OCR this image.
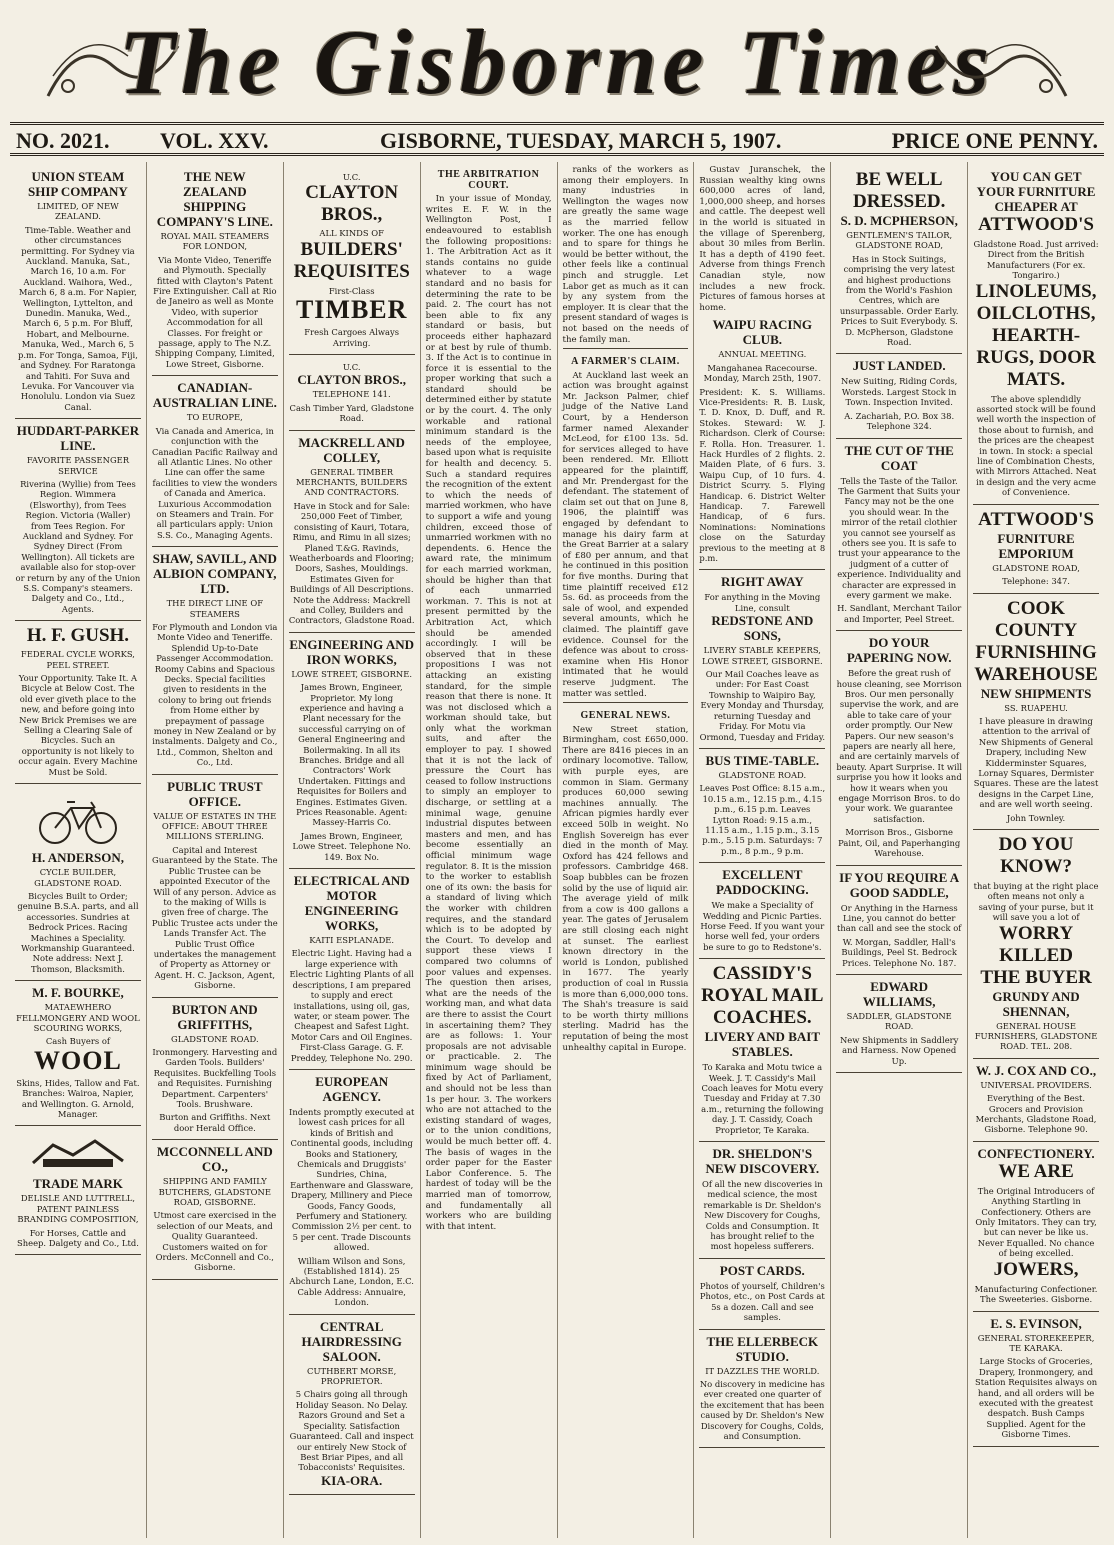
The Gisborne Times
NO. 2021. VOL. XXV.	GISBORNE, TUESDAY, MARCH 5, 1907.	PRICE ONE PENNY.
UNION STEAM SHIP COMPANY
LIMITED, OF NEW ZEALAND.
Time-Table. Weather and other circumstances permitting. For Sydney via Auckland. Manuka, Sat., March 16, 10 a.m. For Auckland. Waihora, Wed., March 6, 8 a.m. For Napier, Wellington, Lyttelton, and Dunedin. Manuka, Wed., March 6, 5 p.m. For Bluff, Hobart, and Melbourne. Manuka, Wed., March 6, 5 p.m. For Tonga, Samoa, Fiji, and Sydney. For Raratonga and Tahiti. For Suva and Levuka. For Vancouver via Honolulu. London via Suez Canal.
HUDDART-PARKER LINE.
FAVORITE PASSENGER SERVICE
Riverina (Wyllie) from Tees Region. Wimmera (Elsworthy), from Tees Region. Victoria (Waller) from Tees Region. For Auckland and Sydney. For Sydney Direct (From Wellington). All tickets are available also for stop-over or return by any of the Union S.S. Company's steamers. Dalgety and Co., Ltd., Agents.
H. F. GUSH.
FEDERAL CYCLE WORKS, PEEL STREET.
Your Opportunity. Take It. A Bicycle at Below Cost. The old ever giveth place to the new, and before going into New Brick Premises we are Selling a Clearing Sale of Bicycles. Such an opportunity is not likely to occur again. Every Machine Must be Sold.
H. ANDERSON,
CYCLE BUILDER, GLADSTONE ROAD.
Bicycles Built to Order; genuine B.S.A. parts, and all accessories. Sundries at Bedrock Prices. Racing Machines a Speciality. Workmanship Guaranteed. Note address: Next J. Thomson, Blacksmith.
M. F. BOURKE,
MATAEWHERO FELLMONGERY AND WOOL SCOURING WORKS,
Cash Buyers of
WOOL
Skins, Hides, Tallow and Fat. Branches: Wairoa, Napier, and Wellington. G. Arnold, Manager.
TRADE MARK
DELISLE AND LUTTRELL, PATENT PAINLESS BRANDING COMPOSITION,
For Horses, Cattle and Sheep. Dalgety and Co., Ltd.
THE NEW ZEALAND SHIPPING COMPANY'S LINE.
ROYAL MAIL STEAMERS FOR LONDON,
Via Monte Video, Teneriffe and Plymouth. Specially fitted with Clayton's Patent Fire Extinguisher. Call at Rio de Janeiro as well as Monte Video, with superior Accommodation for all Classes. For freight or passage, apply to The N.Z. Shipping Company, Limited, Lowe Street, Gisborne.
CANADIAN-AUSTRALIAN LINE.
TO EUROPE,
Via Canada and America, in conjunction with the Canadian Pacific Railway and all Atlantic Lines. No other Line can offer the same facilities to view the wonders of Canada and America. Luxurious Accommodation on Steamers and Train. For all particulars apply: Union S.S. Co., Managing Agents.
SHAW, SAVILL, AND ALBION COMPANY, LTD.
THE DIRECT LINE OF STEAMERS
For Plymouth and London via Monte Video and Teneriffe. Splendid Up-to-Date Passenger Accommodation. Roomy Cabins and Spacious Decks. Special facilities given to residents in the colony to bring out friends from Home either by prepayment of passage money in New Zealand or by instalments. Dalgety and Co., Ltd., Common, Shelton and Co., Ltd.
PUBLIC TRUST OFFICE.
VALUE OF ESTATES IN THE OFFICE: ABOUT THREE MILLIONS STERLING.
Capital and Interest Guaranteed by the State. The Public Trustee can be appointed Executor of the Will of any person. Advice as to the making of Wills is given free of charge. The Public Trustee acts under the Lands Transfer Act. The Public Trust Office undertakes the management of Property as Attorney or Agent. H. C. Jackson, Agent, Gisborne.
BURTON AND GRIFFITHS,
GLADSTONE ROAD.
Ironmongery. Harvesting and Garden Tools. Builders' Requisites. Buckfelling Tools and Requisites. Furnishing Department. Carpenters' Tools. Brushware.
Burton and Griffiths. Next door Herald Office.
MCCONNELL AND CO.,
SHIPPING AND FAMILY BUTCHERS, GLADSTONE ROAD, GISBORNE.
Utmost care exercised in the selection of our Meats, and Quality Guaranteed. Customers waited on for Orders. McConnell and Co., Gisborne.
U.C.
CLAYTON BROS.,
ALL KINDS OF
BUILDERS'
REQUISITES
First-Class
TIMBER
Fresh Cargoes Always Arriving.
U.C.
CLAYTON BROS.,
TELEPHONE 141.
Cash Timber Yard, Gladstone Road.
MACKRELL AND COLLEY,
GENERAL TIMBER MERCHANTS, BUILDERS AND CONTRACTORS.
Have in Stock and for Sale: 250,000 Feet of Timber, consisting of Kauri, Totara, Rimu, and Rimu in all sizes; Planed T.&G. Ravinds, Weatherboards and Flooring; Doors, Sashes, Mouldings. Estimates Given for Buildings of All Descriptions. Note the Address: Mackrell and Colley, Builders and Contractors, Gladstone Road.
ENGINEERING AND IRON WORKS,
LOWE STREET, GISBORNE.
James Brown, Engineer, Proprietor. My long experience and having a Plant necessary for the successful carrying on of General Engineering and Boilermaking. In all its Branches. Bridge and all Contractors' Work Undertaken. Fittings and Requisites for Boilers and Engines. Estimates Given. Prices Reasonable. Agent: Massey-Harris Co.
James Brown, Engineer, Lowe Street. Telephone No. 149. Box No.
ELECTRICAL AND MOTOR ENGINEERING WORKS,
KAITI ESPLANADE.
Electric Light. Having had a large experience with Electric Lighting Plants of all descriptions, I am prepared to supply and erect installations, using oil, gas, water, or steam power. The Cheapest and Safest Light. Motor Cars and Oil Engines. First-Class Garage. G. F. Preddey, Telephone No. 290.
EUROPEAN AGENCY.
Indents promptly executed at lowest cash prices for all kinds of British and Continental goods, including Books and Stationery, Chemicals and Druggists' Sundries, China, Earthenware and Glassware, Drapery, Millinery and Piece Goods, Fancy Goods, Perfumery and Stationery. Commission 2½ per cent. to 5 per cent. Trade Discounts allowed.
William Wilson and Sons, (Established 1814). 25 Abchurch Lane, London, E.C. Cable Address: Annuaire, London.
CENTRAL HAIRDRESSING SALOON.
CUTHBERT MORSE, PROPRIETOR.
5 Chairs going all through Holiday Season. No Delay. Razors Ground and Set a Speciality. Satisfaction Guaranteed. Call and inspect our entirely New Stock of Best Briar Pipes, and all Tobacconists' Requisites.
KIA-ORA.
THE ARBITRATION COURT.
In your issue of Monday, writes E. F. W. in the Wellington Post, I endeavoured to establish the following propositions: 1. The Arbitration Act as it stands contains no guide whatever to a wage standard and no basis for determining the rate to be paid. 2. The court has not been able to fix any standard or basis, but proceeds either haphazard or at best by rule of thumb. 3. If the Act is to continue in force it is essential to the proper working that such a standard should be determined either by statute or by the court. 4. The only workable and rational minimum standard is the needs of the employee, based upon what is requisite for health and decency. 5. Such a standard requires the recognition of the extent to which the needs of married workmen, who have to support a wife and young children, exceed those of unmarried workmen with no dependents. 6. Hence the award rate, the minimum for each married workman, should be higher than that of each unmarried workman. 7. This is not at present permitted by the Arbitration Act, which should be amended accordingly. I will be observed that in these propositions I was not attacking an existing standard, for the simple reason that there is none. It was not disclosed which a workman should take, but only what the workman suits, and after the employer to pay. I showed that it is not the lack of pressure the Court has ceased to follow instructions to simply an employer to discharge, or settling at a minimal wage, genuine industrial disputes between masters and men, and has become essentially an official minimum wage regulator. 8. It is the mission to the worker to establish one of its own: the basis for a standard of living which the worker with children requires, and the standard which is to be adopted by the Court. To develop and support these views I compared two columns of poor values and expenses. The question then arises, what are the needs of the working man, and what data are there to assist the Court in ascertaining them? They are as follows: 1. Your proposals are not advisable or practicable. 2. The minimum wage should be fixed by Act of Parliament, and should not be less than 1s per hour. 3. The workers who are not attached to the existing standard of wages, or to the union conditions, would be much better off. 4. The basis of wages in the order paper for the Easter Labor Conference. 5. The hardest of today will be the married man of tomorrow, and fundamentally all workers who are building with that intent.
ranks of the workers as among their employers. In many industries in Wellington the wages now are greatly the same wage as the married fellow worker. The one has enough and to spare for things he would be better without, the other feels like a continual pinch and struggle. Let Labor get as much as it can by any system from the employer. It is clear that the present standard of wages is not based on the needs of the family man.
A FARMER'S CLAIM.
At Auckland last week an action was brought against Mr. Jackson Palmer, chief judge of the Native Land Court, by a Henderson farmer named Alexander McLeod, for £100 13s. 5d. for services alleged to have been rendered. Mr. Elliott appeared for the plaintiff, and Mr. Prendergast for the defendant. The statement of claim set out that on June 8, 1906, the plaintiff was engaged by defendant to manage his dairy farm at the Great Barrier at a salary of £80 per annum, and that he continued in this position for five months. During that time plaintiff received £12 5s. 6d. as proceeds from the sale of wool, and expended several amounts, which he claimed. The plaintiff gave evidence. Counsel for the defence was about to cross-examine when His Honor intimated that he would reserve judgment. The matter was settled.
GENERAL NEWS.
New Street station, Birmingham, cost £650,000. There are 8416 pieces in an ordinary locomotive. Tallow, with purple eyes, are common in Siam. Germany produces 60,000 sewing machines annually. The African pigmies hardly ever exceed 50lb in weight. No English Sovereign has ever died in the month of May. Oxford has 424 fellows and professors. Cambridge 468. Soap bubbles can be frozen solid by the use of liquid air. The average yield of milk from a cow is 400 gallons a year. The gates of Jerusalem are still closing each night at sunset. The earliest known directory in the world is London, published in 1677. The yearly production of coal in Russia is more than 6,000,000 tons. The Shah's treasure is said to be worth thirty millions sterling. Madrid has the reputation of being the most unhealthy capital in Europe.
Gustav Juranschek, the Russian wealthy king owns 600,000 acres of land, 1,000,000 sheep, and horses and cattle. The deepest well in the world is situated in the village of Sperenberg, about 30 miles from Berlin. It has a depth of 4190 feet. Adverse from things French Canadian style, now includes a new frock. Pictures of famous horses at home.
WAIPU RACING CLUB.
ANNUAL MEETING.
Mangahanea Racecourse. Monday, March 25th, 1907.
President: K. S. Williams. Vice-Presidents: R. B. Lusk, T. D. Knox, D. Duff, and R. Stokes. Steward: W. J. Richardson. Clerk of Course: F. Rolla. Hon. Treasurer. 1. Hack Hurdles of 2 flights. 2. Maiden Plate, of 6 furs. 3. Waipu Cup, of 10 furs. 4. District Scurry. 5. Flying Handicap. 6. District Welter Handicap. 7. Farewell Handicap, of 6 furs. Nominations: Nominations close on the Saturday previous to the meeting at 8 p.m.
RIGHT AWAY
For anything in the Moving Line, consult
REDSTONE AND SONS,
LIVERY STABLE KEEPERS, LOWE STREET, GISBORNE.
Our Mail Coaches leave as under: For East Coast Township to Waipiro Bay, Every Monday and Thursday, returning Tuesday and Friday. For Motu via Ormond, Tuesday and Friday.
BUS TIME-TABLE.
GLADSTONE ROAD.
Leaves Post Office: 8.15 a.m., 10.15 a.m., 12.15 p.m., 4.15 p.m., 6.15 p.m. Leaves Lytton Road: 9.15 a.m., 11.15 a.m., 1.15 p.m., 3.15 p.m., 5.15 p.m. Saturdays: 7 p.m., 8 p.m., 9 p.m.
EXCELLENT PADDOCKING.
We make a Speciality of Wedding and Picnic Parties. Horse Feed. If you want your horse well fed, your orders be sure to go to Redstone's.
CASSIDY'S
ROYAL MAIL
COACHES.
LIVERY AND BAIT STABLES.
To Karaka and Motu twice a Week. J. T. Cassidy's Mail Coach leaves for Motu every Tuesday and Friday at 7.30 a.m., returning the following day. J. T. Cassidy, Coach Proprietor, Te Karaka.
DR. SHELDON'S NEW DISCOVERY.
Of all the new discoveries in medical science, the most remarkable is Dr. Sheldon's New Discovery for Coughs, Colds and Consumption. It has brought relief to the most hopeless sufferers.
POST CARDS.
Photos of yourself, Children's Photos, etc., on Post Cards at 5s a dozen. Call and see samples.
THE ELLERBECK STUDIO.
IT DAZZLES THE WORLD.
No discovery in medicine has ever created one quarter of the excitement that has been caused by Dr. Sheldon's New Discovery for Coughs, Colds, and Consumption.
BE WELL
DRESSED.
S. D. MCPHERSON,
GENTLEMEN'S TAILOR, GLADSTONE ROAD,
Has in Stock Suitings, comprising the very latest and highest productions from the World's Fashion Centres, which are unsurpassable. Order Early. Prices to Suit Everybody. S. D. McPherson, Gladstone Road.
JUST LANDED.
New Suiting, Riding Cords, Worsteds. Largest Stock in Town. Inspection Invited.
A. Zachariah, P.O. Box 38. Telephone 324.
THE CUT OF THE COAT
Tells the Taste of the Tailor. The Garment that Suits your Fancy may not be the one you should wear. In the mirror of the retail clothier you cannot see yourself as others see you. It is safe to trust your appearance to the judgment of a cutter of experience. Individuality and character are expressed in every garment we make.
H. Sandlant, Merchant Tailor and Importer, Peel Street.
DO YOUR PAPERING NOW.
Before the great rush of house cleaning, see Morrison Bros. Our men personally supervise the work, and are able to take care of your order promptly. Our New Papers. Our new season's papers are nearly all here, and are certainly marvels of beauty. Apart Surprise. It will surprise you how it looks and how it wears when you engage Morrison Bros. to do your work. We guarantee satisfaction.
Morrison Bros., Gisborne Paint, Oil, and Paperhanging Warehouse.
IF YOU REQUIRE A GOOD SADDLE,
Or Anything in the Harness Line, you cannot do better than call and see the stock of
W. Morgan, Saddler, Hall's Buildings, Peel St. Bedrock Prices. Telephone No. 187.
EDWARD WILLIAMS,
SADDLER, GLADSTONE ROAD.
New Shipments in Saddlery and Harness. Now Opened Up.
YOU CAN GET YOUR FURNITURE CHEAPER AT
ATTWOOD'S
Gladstone Road. Just arrived: Direct from the British Manufacturers (For ex. Tongariro.)
LINOLEUMS, OILCLOTHS, HEARTH-RUGS, DOOR MATS.
The above splendidly assorted stock will be found well worth the inspection of those about to furnish, and the prices are the cheapest in town. In stock: a special line of Combination Chests, with Mirrors Attached. Neat in design and the very acme of Convenience.
ATTWOOD'S
FURNITURE EMPORIUM
GLADSTONE ROAD,
Telephone: 347.
COOK
COUNTY
FURNISHING
WAREHOUSE
NEW SHIPMENTS
SS. RUAPEHU.
I have pleasure in drawing attention to the arrival of New Shipments of General Drapery, including New Kidderminster Squares, Lornay Squares, Dermister Squares. These are the latest designs in the Carpet Line, and are well worth seeing.
John Townley.
DO YOU
KNOW?
that buying at the right place often means not only a saving of your purse, but it will save you a lot of
WORRY
KILLED
THE BUYER
GRUNDY AND SHENNAN,
GENERAL HOUSE FURNISHERS, GLADSTONE ROAD. TEL. 208.
W. J. COX AND CO.,
UNIVERSAL PROVIDERS.
Everything of the Best. Grocers and Provision Merchants, Gladstone Road, Gisborne. Telephone 90.
CONFECTIONERY.
WE ARE
The Original Introducers of Anything Startling in Confectionery. Others are Only Imitators. They can try, but can never be like us. Never Equalled. No chance of being excelled.
JOWERS,
Manufacturing Confectioner. The Sweeteries. Gisborne.
E. S. EVINSON,
GENERAL STOREKEEPER, TE KARAKA.
Large Stocks of Groceries, Drapery, Ironmongery, and Station Requisites always on hand, and all orders will be executed with the greatest despatch. Bush Camps Supplied. Agent for the Gisborne Times.
